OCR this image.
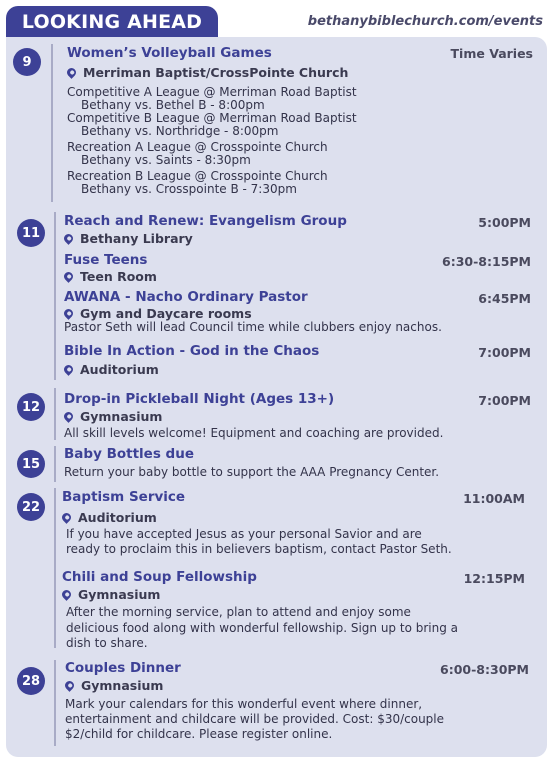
LOOKING AHEAD	bethanybiblechurch.com/events
9
Women’s Volleyball Games	Time Varies
Merriman Baptist/CrossPointe Church
Competitive A League @ Merriman Road Baptist
Bethany vs. Bethel B - 8:00pm
Competitive B League @ Merriman Road Baptist
Bethany vs. Northridge - 8:00pm
Recreation A League @ Crosspointe Church
Bethany vs. Saints - 8:30pm
Recreation B League @ Crosspointe Church
Bethany vs. Crosspointe B - 7:30pm
11
Reach and Renew: Evangelism Group	5:00PM
Bethany Library
Fuse Teens	6:30-8:15PM
Teen Room
AWANA - Nacho Ordinary Pastor	6:45PM
Gym and Daycare rooms
Pastor Seth will lead Council time while clubbers enjoy nachos.
Bible In Action - God in the Chaos	7:00PM
Auditorium
12	Drop-in Pickleball Night (Ages 13+)	7:00PM
Gymnasium
All skill levels welcome! Equipment and coaching are provided.
15
Baby Bottles due
Return your baby bottle to support the AAA Pregnancy Center.
22
Baptism Service	11:00AM
Auditorium
If you have accepted Jesus as your personal Savior and are
ready to proclaim this in believers baptism, contact Pastor Seth.
Chili and Soup Fellowship	12:15PM
Gymnasium
After the morning service, plan to attend and enjoy some
delicious food along with wonderful fellowship. Sign up to bring a
dish to share.
28
Couples Dinner	6:00-8:30PM
Gymnasium
Mark your calendars for this wonderful event where dinner,
entertainment and childcare will be provided. Cost: $30/couple
$2/child for childcare. Please register online.
